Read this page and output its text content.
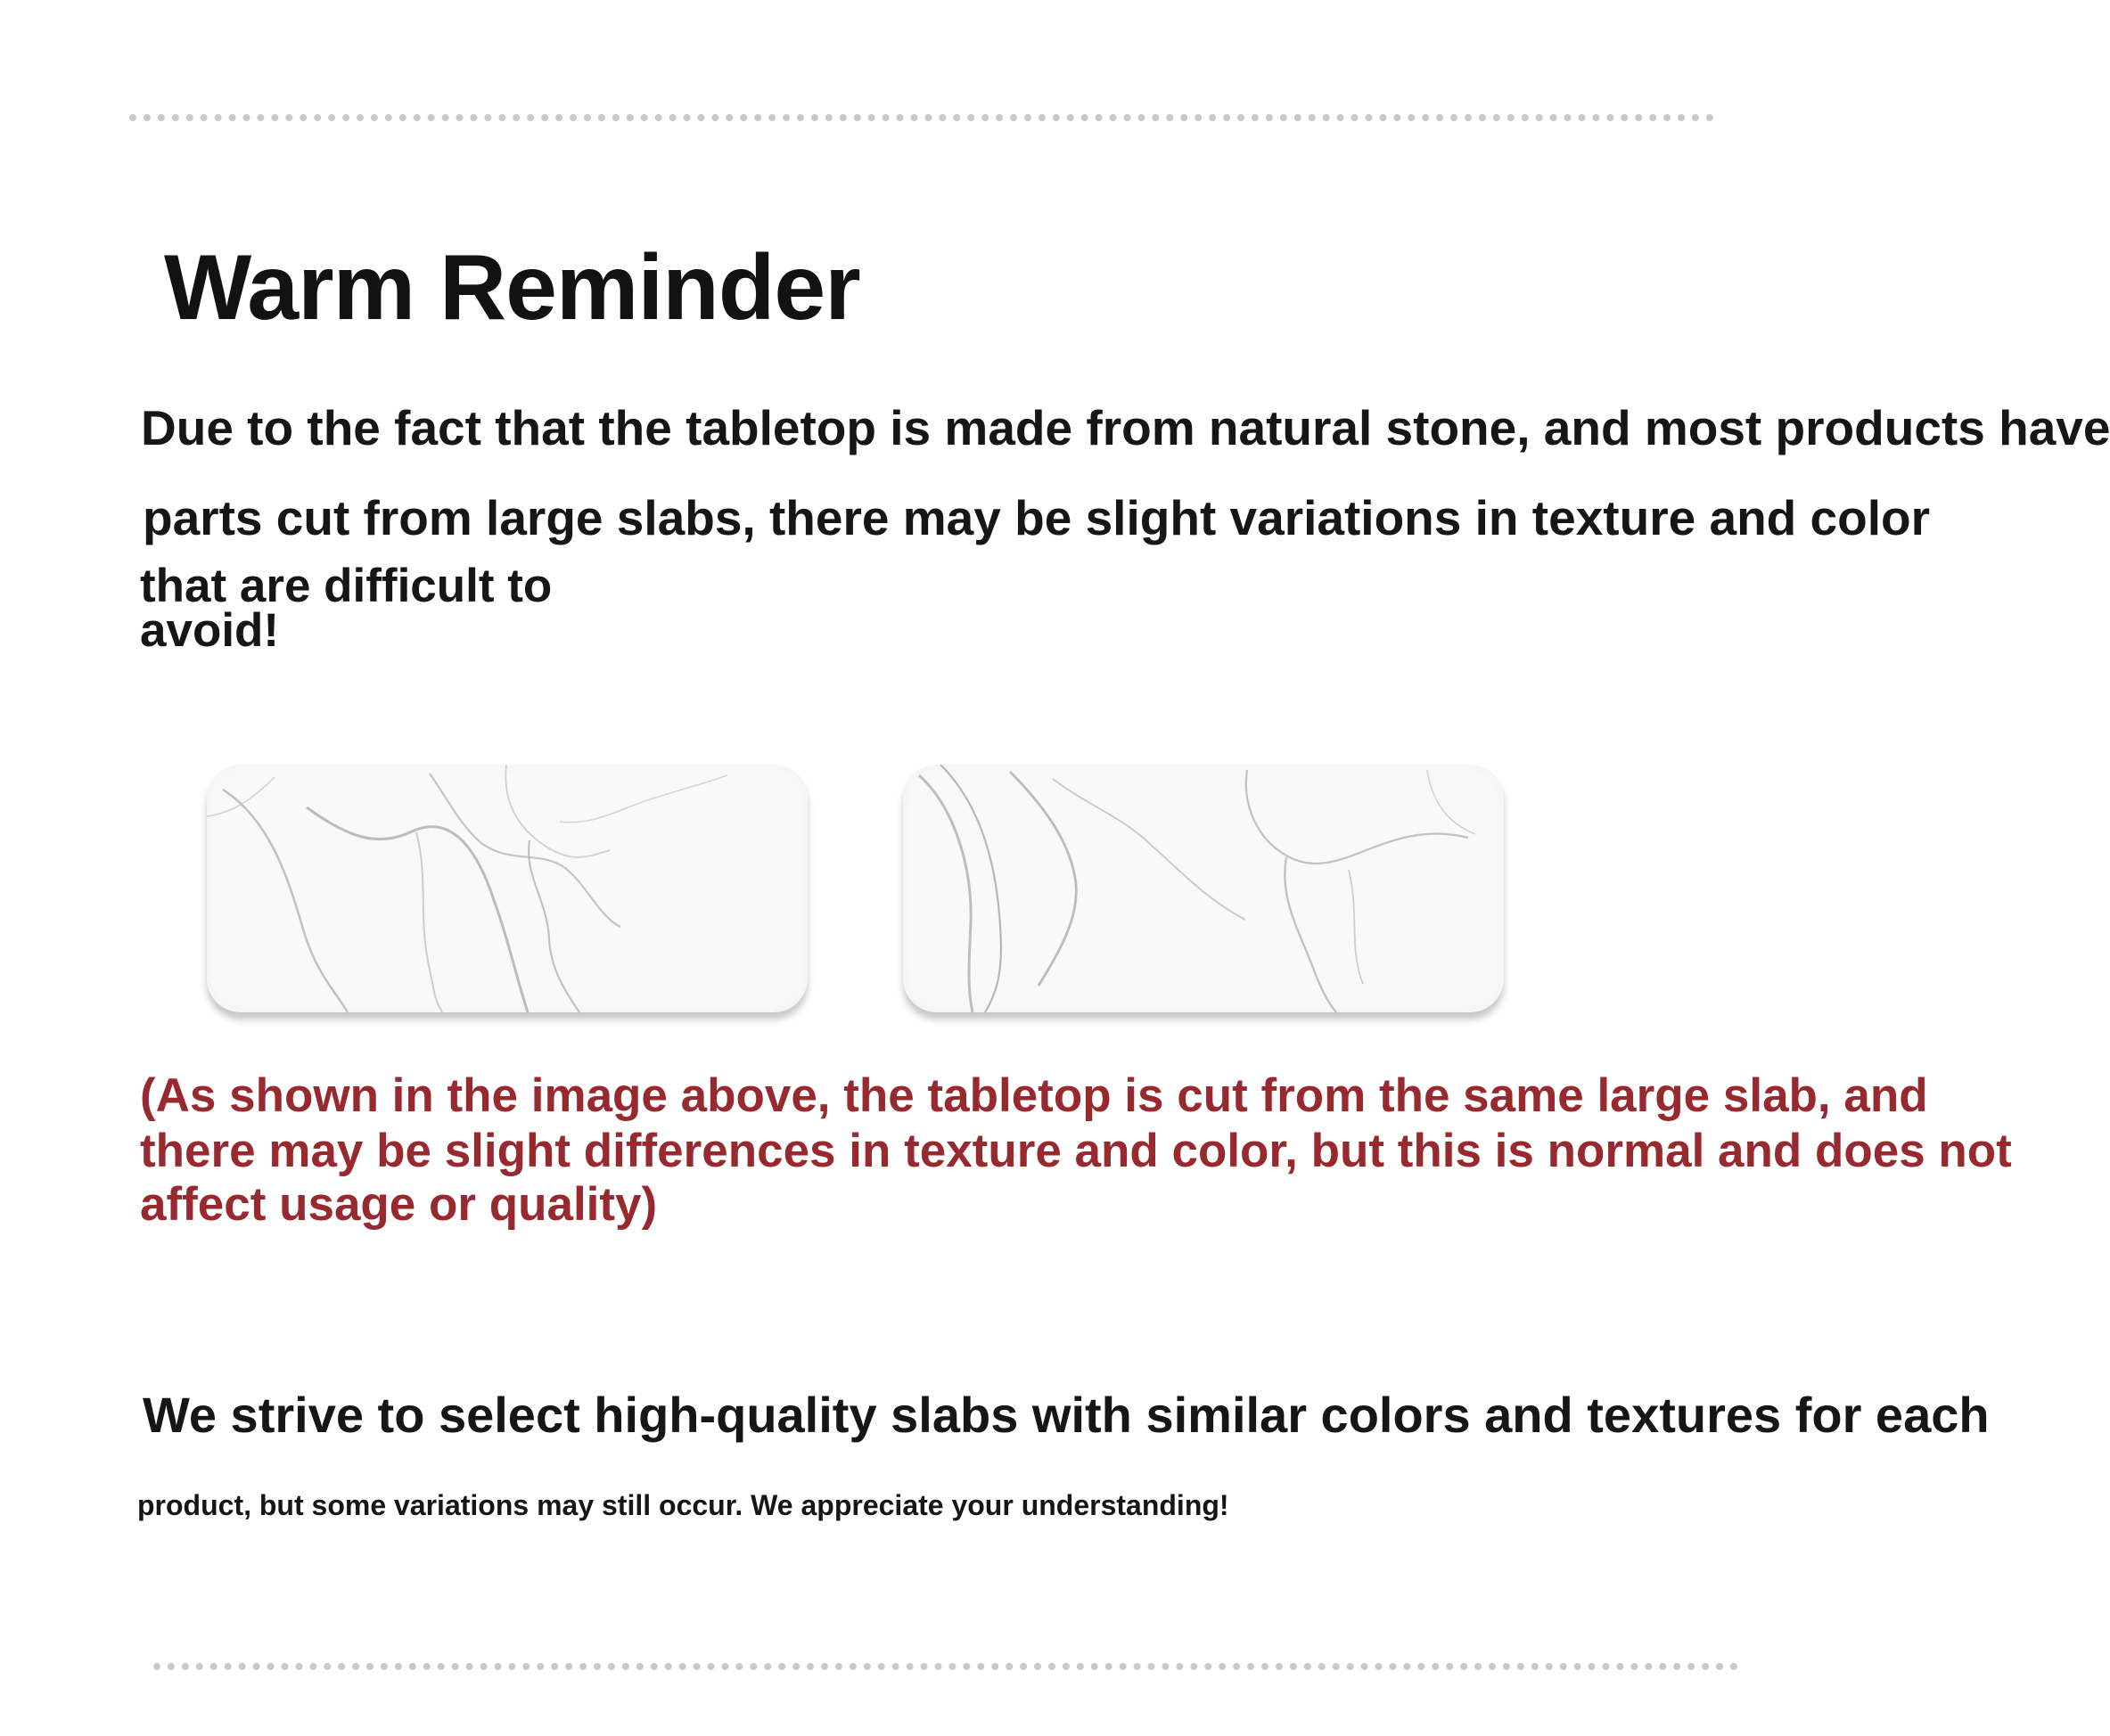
Warm Reminder

Due to the fact that the tabletop is made from natural stone, and most products have

parts cut from large slabs, there may be slight variations in texture and color

that are difficult to

avoid!

(As shown in the image above, the tabletop is cut from the same large slab, and

there may be slight differences in texture and color, but this is normal and does not

affect usage or quality)

We strive to select high-quality slabs with similar colors and textures for each

product, but some variations may still occur. We appreciate your understanding!
